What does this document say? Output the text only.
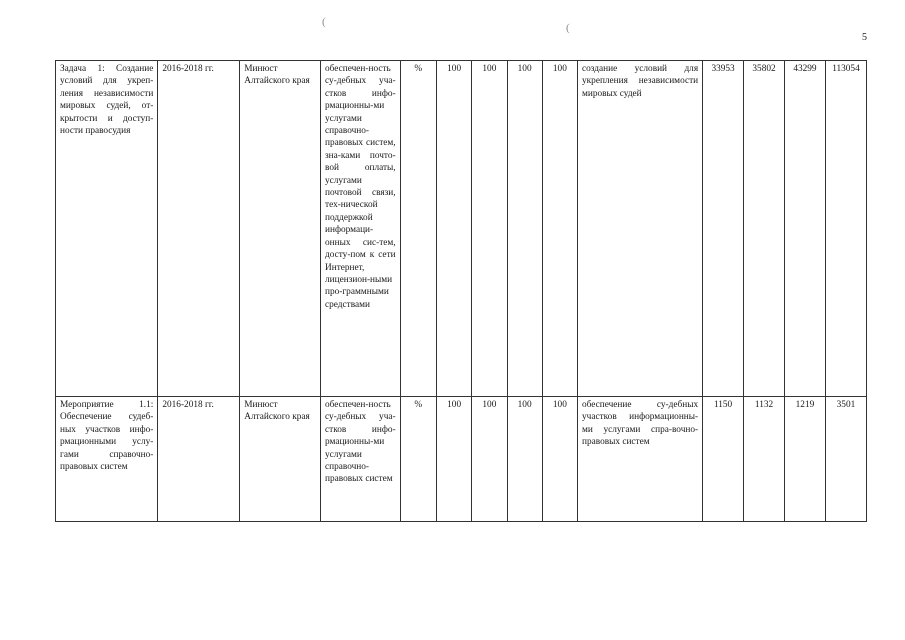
5
(	(
Задача 1: Создание условий для укреп-ления независимости мировых судей, от-крытости и доступ-ности правосудия	2016-2018 гг.	Минюст Алтайского края	обеспечен-ность су-дебных уча-стков инфо-рмационны-ми услугами справочно-правовых систем, зна-ками почто-вой оплаты, услугами почтовой связи, тех-нической поддержкой информаци-онных сис-тем, досту-пом к сети Интернет, лицензион-ными про-граммными средствами	%	100	100	100	100	создание условий для укрепления независимости мировых судей	33953	35802	43299	113054
Мероприятие 1.1: Обеспечение судеб-ных участков инфо-рмационными услу-гами справочно-правовых систем	2016-2018 гг.	Минюст Алтайского края	обеспечен-ность су-дебных уча-стков инфо-рмационны-ми услугами справочно-правовых систем	%	100	100	100	100	обеспечение су-дебных участков информационны-ми услугами спра-вочно-правовых систем	1150	1132	1219	3501
